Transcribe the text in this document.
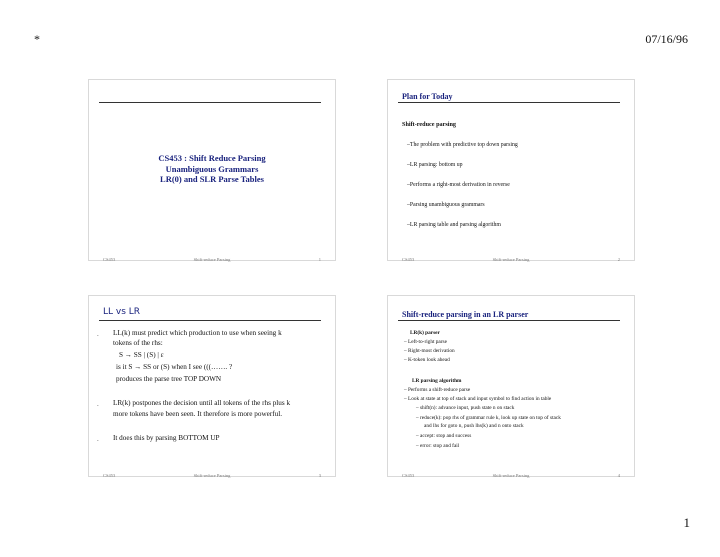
*	07/16/96
CS453 : Shift Reduce Parsing
Unambiguous Grammars
LR(0) and SLR Parse Tables
CS453	Shift-reduce Parsing	1
Plan for Today
Shift-reduce parsing
–The problem with predictive top down parsing
–LR parsing: bottom up
–Performs a right-most derivation in reverse
–Parsing unambiguous grammars
–LR parsing table and parsing algorithm
CS453	Shift-reduce Parsing	2
LL vs LR
. LL(k) must predict which production to use when seeing k
tokens of the rhs:
S → SS | (S) | ε
is it S → SS or (S) when I see (((……. ?
produces the parse tree TOP DOWN
. LR(k) postpones the decision until all tokens of the rhs plus k
more tokens have been seen. It therefore is more powerful.
. It does this by parsing BOTTOM UP
CS453	Shift-reduce Parsing	3
Shift-reduce parsing in an LR parser
LR(k) parser
– Left-to-right parse
– Right-most derivation
– K-token look ahead
LR parsing algorithm
– Performs a shift-reduce parse
– Look at state at top of stack and input symbol to find action in table
– shift(n): advance input, push state n on stack
– reduce(k): pop rhs of grammar rule k, look up state on top of stack
and lhs for goto n, push lhs(k) and n onto stack
– accept: stop and success
– error: stop and fail
CS453	Shift-reduce Parsing	4
1
